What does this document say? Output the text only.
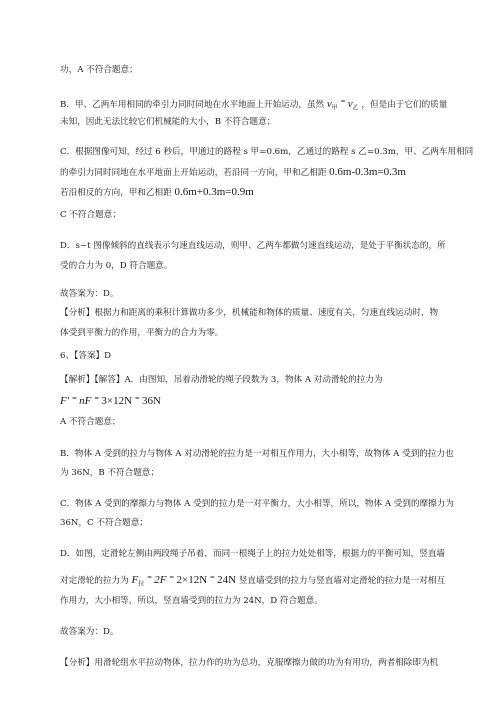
功，A 不符合题意；
B．甲、乙两车用相同的牵引力同时同地在水平地面上开始运动，虽然 $v_甲$ = $v_乙$ ，但是由于它们的质量
未知，因此无法比较它们机械能的大小，B 不符合题意；
C．根据图像可知，经过 6 秒后，甲通过的路程 s 甲=0.6m，乙通过的路程 s 乙=0.3m，甲、乙两车用相同
的牵引力同时同地在水平地面上开始运动，若沿同一方向，甲和乙相距 0.6m-0.3m=0.3m
若沿相反的方向，甲和乙相距 0.6m+0.3m=0.9m
C 不符合题意；
D．s−t 图像倾斜的直线表示匀速直线运动，则甲、乙两车都做匀速直线运动，是处于平衡状态的，所
受的合力为 0，D 符合题意。
故答案为：D。
【分析】根据力和距离的乘积计算做功多少，机械能和物体的质量、速度有关，匀速直线运动时，物
体受到平衡力的作用，平衡力的合力为零。
6、【答案】D
【解析】【解答】A．由图知，吊着动滑轮的绳子段数为 3，物体 A 对动滑轮的拉力为
F′ = nF = 3×12N = 36N
A 不符合题意；
B．物体 A 受到的拉力与物体 A 对动滑轮的拉力是一对相互作用力，大小相等，故物体 A 受到的拉力也
为 36N，B 不符合题意；
C．物体 A 受到的摩擦力与物体 A 受到的拉力是一对平衡力，大小相等，所以，物体 A 受到的摩擦力为
36N，C 不符合题意；
D．如图，定滑轮左侧由两段绳子吊着，而同一根绳子上的拉力处处相等，根据力的平衡可知，竖直墙
对定滑轮的拉力为 $F_拉$ = 2F = 2×12N = 24N 竖直墙受到的拉力与竖直墙对定滑轮的拉力是一对相互
作用力，大小相等，所以，竖直墙受到的拉力为 24N，D 符合题意。
故答案为：D。
【分析】用滑轮组水平拉动物体，拉力作的功为总功，克服摩擦力做的功为有用功，两者相除即为机
